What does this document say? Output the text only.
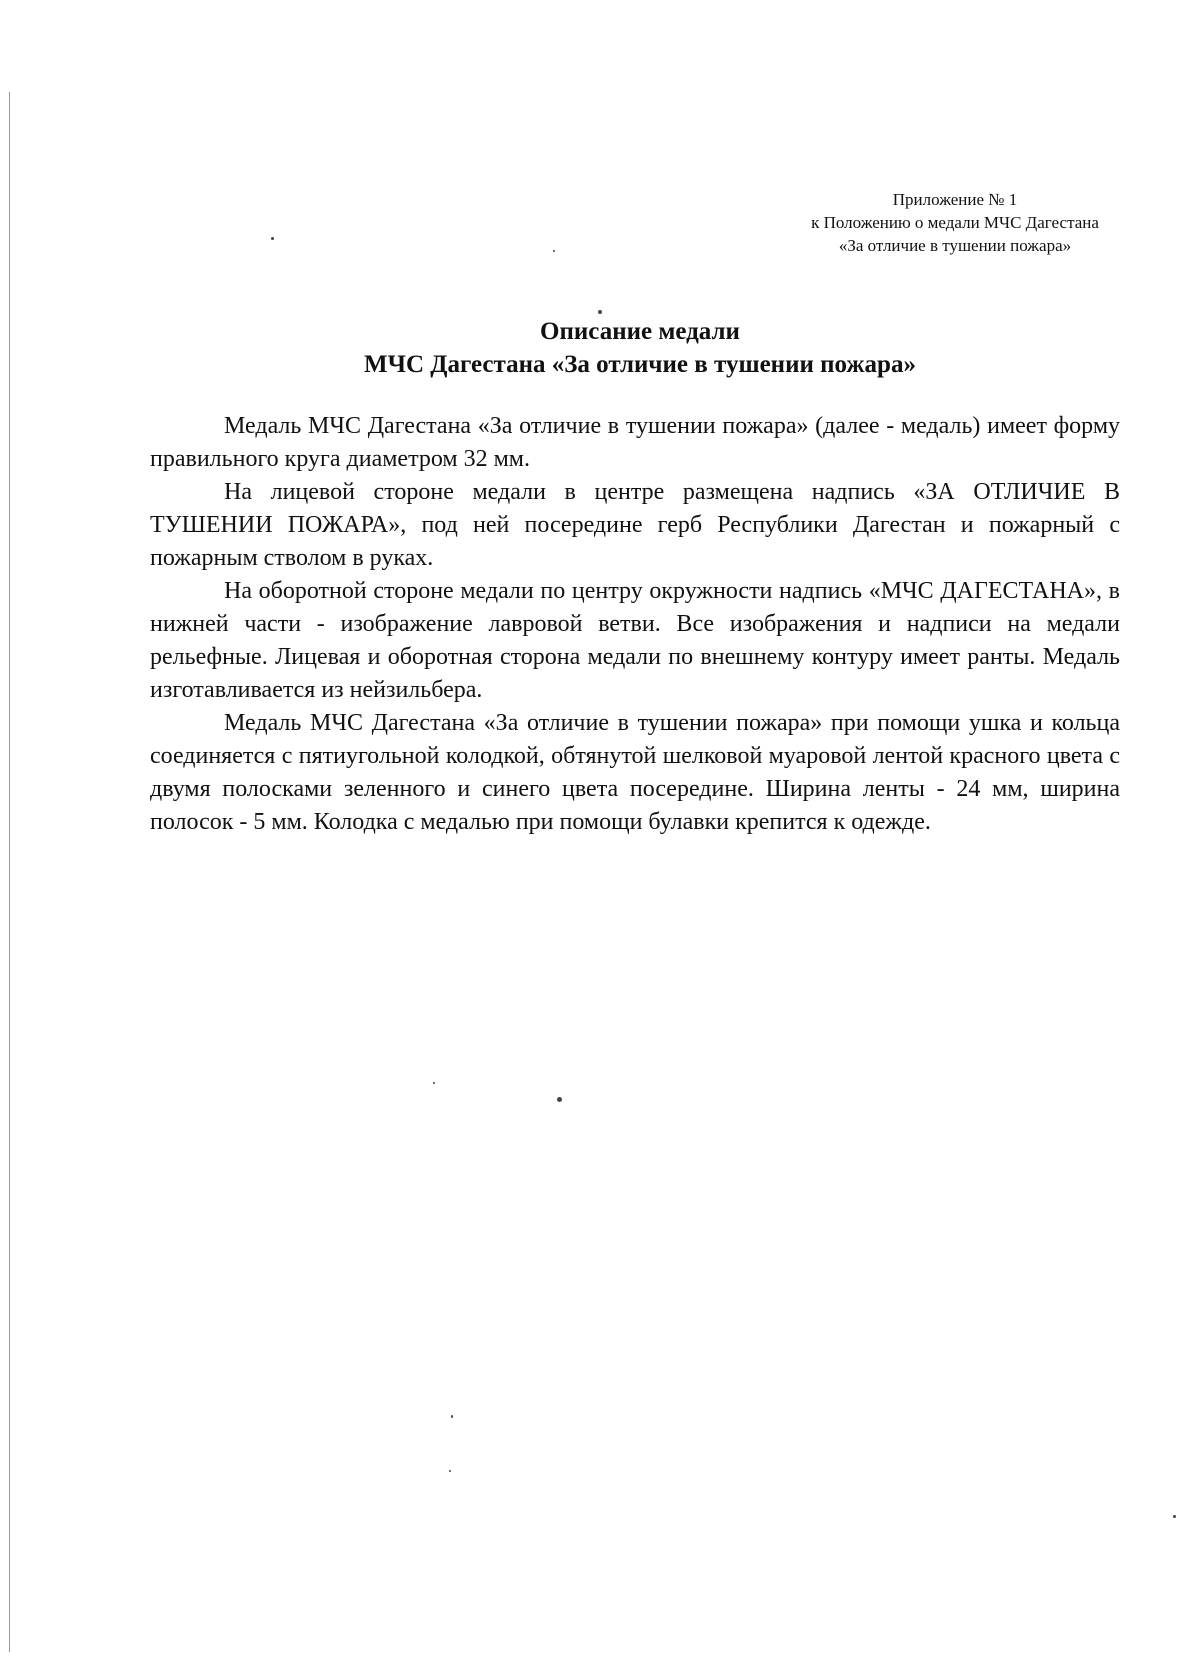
Приложение № 1
к Положению о медали МЧС Дагестана
«За отличие в тушении пожара»
Описание медали
МЧС Дагестана «За отличие в тушении пожара»

Медаль МЧС Дагестана «За отличие в тушении пожара» (далее - медаль) имеет форму правильного круга диаметром 32 мм.

На лицевой стороне медали в центре размещена надпись «ЗА ОТЛИЧИЕ В ТУШЕНИИ ПОЖАРА», под ней посередине герб Республики Дагестан и пожарный с пожарным стволом в руках.

На оборотной стороне медали по центру окружности надпись «МЧС ДАГЕСТАНА», в нижней части - изображение лавровой ветви. Все изображения и надписи на медали рельефные. Лицевая и оборотная сторона медали по внешнему контуру имеет ранты. Медаль изготавливается из нейзильбера.

Медаль МЧС Дагестана «За отличие в тушении пожара» при помощи ушка и кольца соединяется с пятиугольной колодкой, обтянутой шелковой муаровой лентой красного цвета с двумя полосками зеленного и синего цвета посередине. Ширина ленты - 24 мм, ширина полосок - 5 мм. Колодка с медалью при помощи булавки крепится к одежде.
